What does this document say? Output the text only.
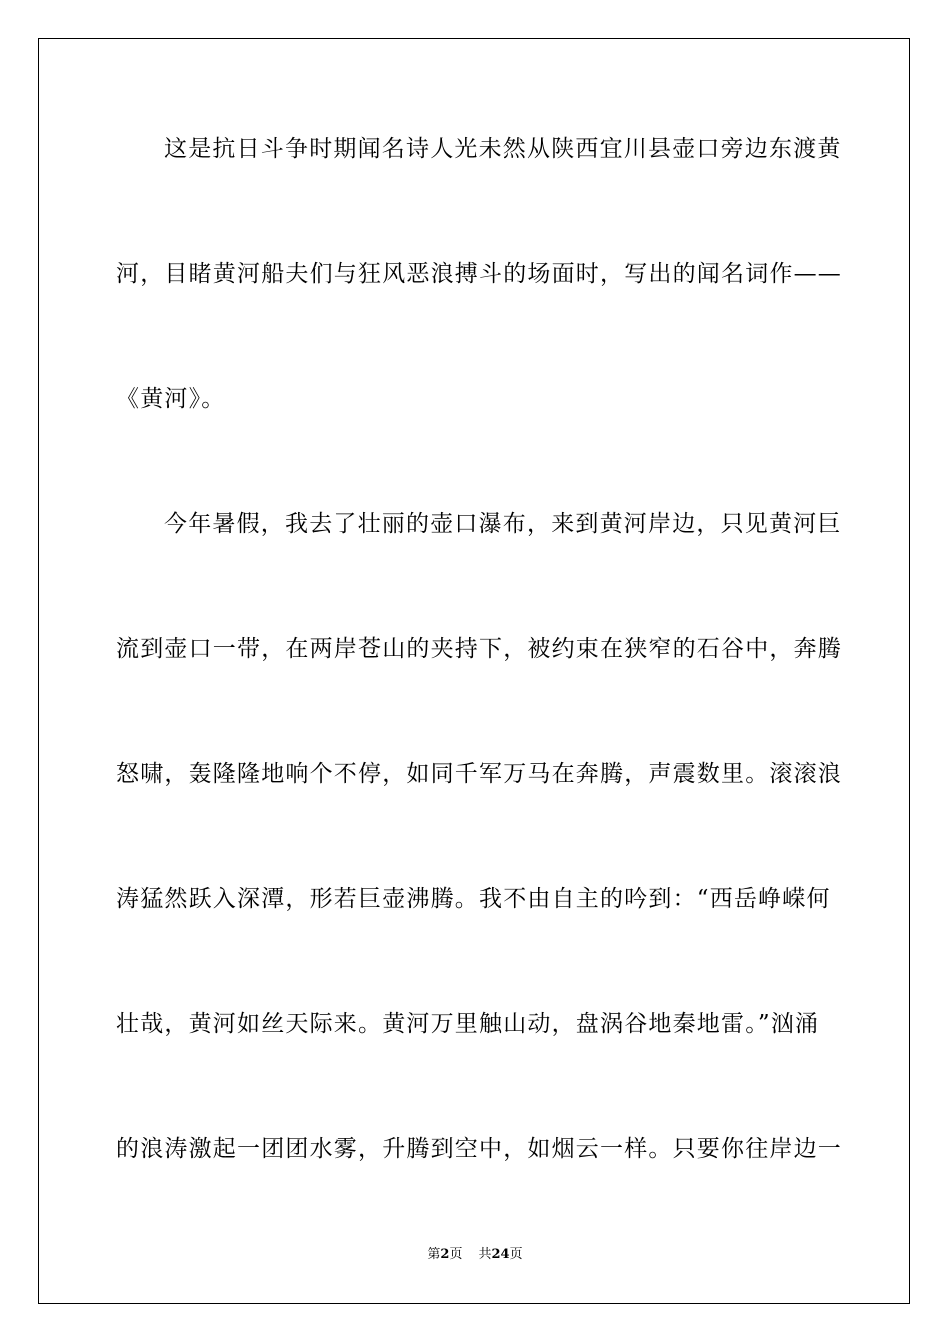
这是抗日斗争时期闻名诗人光未然从陕西宜川县壶口旁边东渡黄
河，目睹黄河船夫们与狂风恶浪搏斗的场面时，写出的闻名词作——
《黄河》。
今年暑假，我去了壮丽的壶口瀑布，来到黄河岸边，只见黄河巨
流到壶口一带，在两岸苍山的夹持下，被约束在狭窄的石谷中，奔腾
怒啸，轰隆隆地响个不停，如同千军万马在奔腾，声震数里。滚滚浪
涛猛然跃入深潭，形若巨壶沸腾。我不由自主的吟到：“西岳峥嵘何
壮哉，黄河如丝天际来。黄河万里触山动，盘涡谷地秦地雷。”汹涌
的浪涛激起一团团水雾，升腾到空中，如烟云一样。只要你往岸边一
第2页 共24页
